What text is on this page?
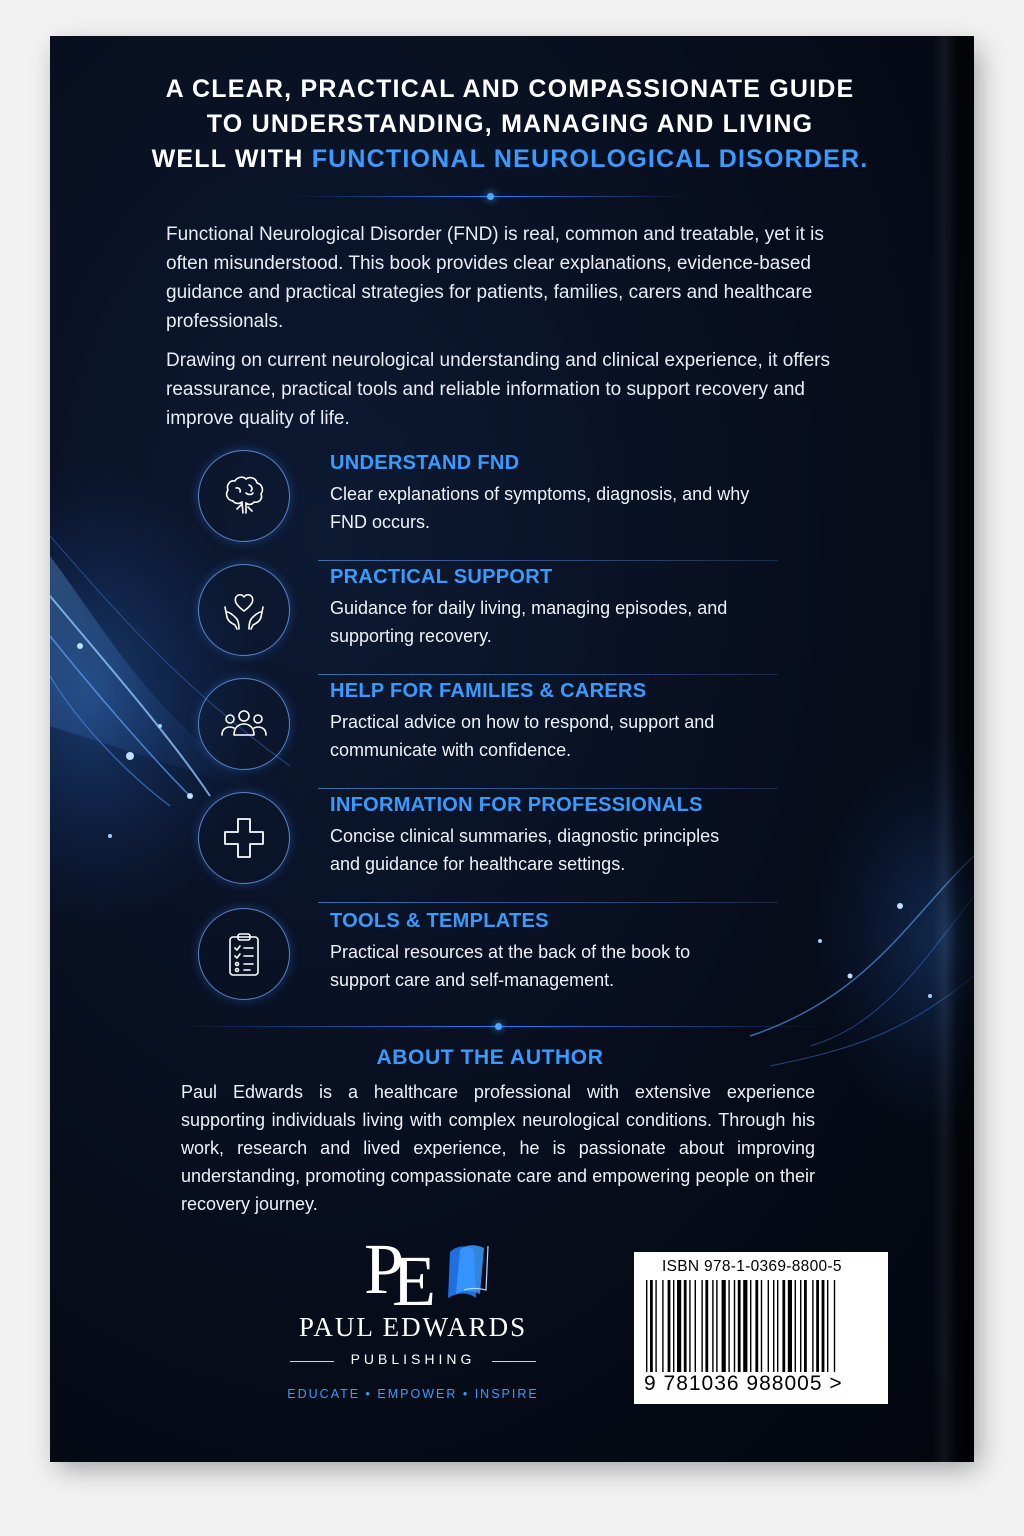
A CLEAR, PRACTICAL AND COMPASSIONATE GUIDE
TO UNDERSTANDING, MANAGING AND LIVING
WELL WITH FUNCTIONAL NEUROLOGICAL DISORDER.
Functional Neurological Disorder (FND) is real, common and treatable, yet it is often misunderstood. This book provides clear explanations, evidence-based guidance and practical strategies for patients, families, carers and healthcare professionals.
Drawing on current neurological understanding and clinical experience, it offers reassurance, practical tools and reliable information to support recovery and improve quality of life.
UNDERSTAND FND
Clear explanations of symptoms, diagnosis, and why FND occurs.
PRACTICAL SUPPORT
Guidance for daily living, managing episodes, and supporting recovery.
HELP FOR FAMILIES & CARERS
Practical advice on how to respond, support and communicate with confidence.
INFORMATION FOR PROFESSIONALS
Concise clinical summaries, diagnostic principles and guidance for healthcare settings.
TOOLS & TEMPLATES
Practical resources at the back of the book to support care and self-management.
ABOUT THE AUTHOR
Paul Edwards is a healthcare professional with extensive experience supporting individuals living with complex neurological conditions. Through his work, research and lived experience, he is passionate about improving understanding, promoting compassionate care and empowering people on their recovery journey.
P
E
PAUL EDWARDS
PUBLISHING
EDUCATE • EMPOWER • INSPIRE
ISBN 978-1-0369-8800-5
9 781036 988005 >
